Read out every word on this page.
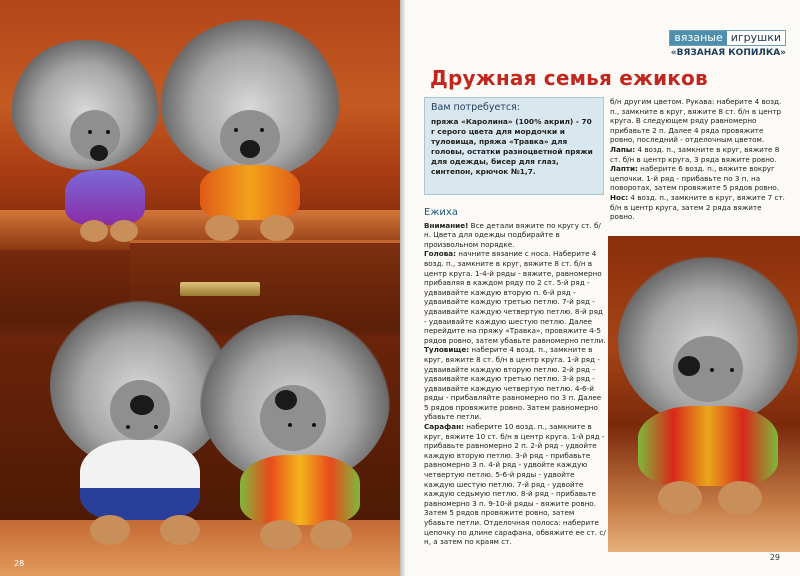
28
вязаные игрушки
«ВЯЗАНАЯ КОПИЛКА»
Дружная семья ежиков
Вам потребуется:
пряжа «Каролина» (100% акрил) - 70 г серого цвета для мордочки и туловища, пряжа «Травка» для головы, остатки разноцветной пряжи для одежды, бисер для глаз, синтепон, крючок №1,7.
Ежиха

Внимание! Все детали вяжите по кругу ст. б/н. Цвета для одежды подбирайте в произвольном порядке.

Голова: начните вязание с носа. Наберите 4 возд. п., замкните в круг, вяжите 8 ст. б/н в центр круга. 1-4-й ряды - вяжите, равномерно прибавляя в каждом ряду по 2 ст. 5-й ряд - удваивайте каждую вторую п. 6-й ряд - удваивайте каждую третью петлю. 7-й ряд - удваивайте каждую четвертую петлю. 8-й ряд - удваивайте каждую шестую петлю. Далее перейдите на пряжу «Травка», провяжите 4-5 рядов ровно, затем убавьте равномерно петли.

Туловище: наберите 4 возд. п., замкните в круг, вяжите 8 ст. б/н в центр круга. 1-й ряд - удваивайте каждую вторую петлю. 2-й ряд - удваивайте каждую третью петлю. 3-й ряд - удваивайте каждую четвертую петлю. 4-6-й ряды - прибавляйте равномерно по 3 п. Далее 5 рядов провяжите ровно. Затем равномерно убавьте петли.

Сарафан: наберите 10 возд. п., замкните в круг, вяжите 10 ст. б/н в центр круга. 1-й ряд - прибавьте равномерно 2 п. 2-й ряд - удвойте каждую вторую петлю. 3-й ряд - прибавьте равномерно 3 п. 4-й ряд - удвойте каждую четвертую петлю. 5-6-й ряды - удвойте каждую шестую петлю. 7-й ряд - удвойте каждую седьмую петлю. 8-й ряд - прибавьте равномерно 3 п. 9-10-й ряды - вяжите ровно. Затем 5 рядов провяжите ровно, затем убавьте петли. Отделочная полоса: наберите цепочку по длине сарафана, обвяжите ее ст. с/н, а затем по краям ст.

б/н другим цветом. Рукава: наберите 4 возд. п., замкните в круг, вяжите 8 ст. б/н в центр круга. В следующем ряду равномерно прибавьте 2 п. Далее 4 ряда провяжите ровно, последний - отделочным цветом.

Лапы: 4 возд. п., замкните в круг, вяжите 8 ст. б/н в центр круга, 3 ряда вяжите ровно.

Лапти: наберите 6 возд. п., вяжите вокруг цепочки. 1-й ряд - прибавьте по 3 п. на поворотах, затем провяжите 5 рядов ровно.

Нос: 4 возд. п., замкните в круг, вяжите 7 ст. б/н в центр круга, затем 2 ряда вяжите ровно.

29
